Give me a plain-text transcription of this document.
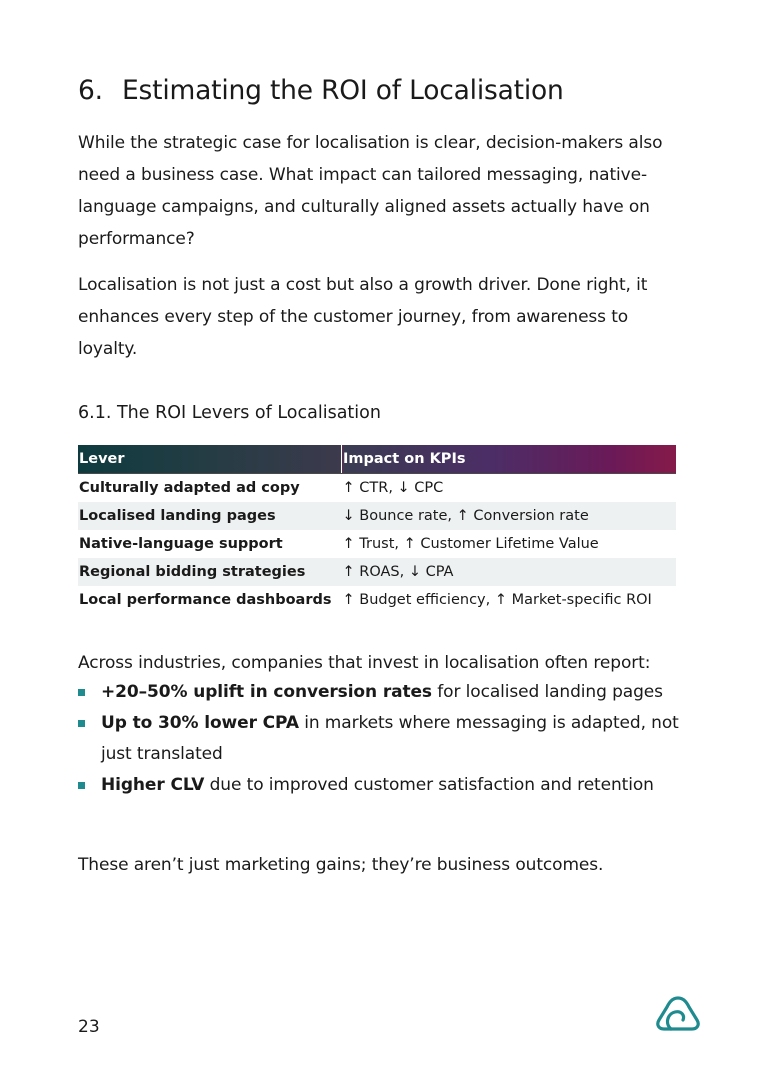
6. Estimating the ROI of Localisation

While the strategic case for localisation is clear, decision-makers also need a business case. What impact can tailored messaging, native-language campaigns, and culturally aligned assets actually have on performance?

Localisation is not just a cost but also a growth driver. Done right, it enhances every step of the customer journey, from awareness to loyalty.

6.1. The ROI Levers of Localisation
Lever	Impact on KPIs
Culturally adapted ad copy	↑ CTR, ↓ CPC
Localised landing pages	↓ Bounce rate, ↑ Conversion rate
Native-language support	↑ Trust, ↑ Customer Lifetime Value
Regional bidding strategies	↑ ROAS, ↓ CPA
Local performance dashboards	↑ Budget efficiency, ↑ Market-specific ROI

Across industries, companies that invest in localisation often report:

+20–50% uplift in conversion rates for localised landing pages
Up to 30% lower CPA in markets where messaging is adapted, not just translated
Higher CLV due to improved customer satisfaction and retention

These aren’t just marketing gains; they’re business outcomes.

23
